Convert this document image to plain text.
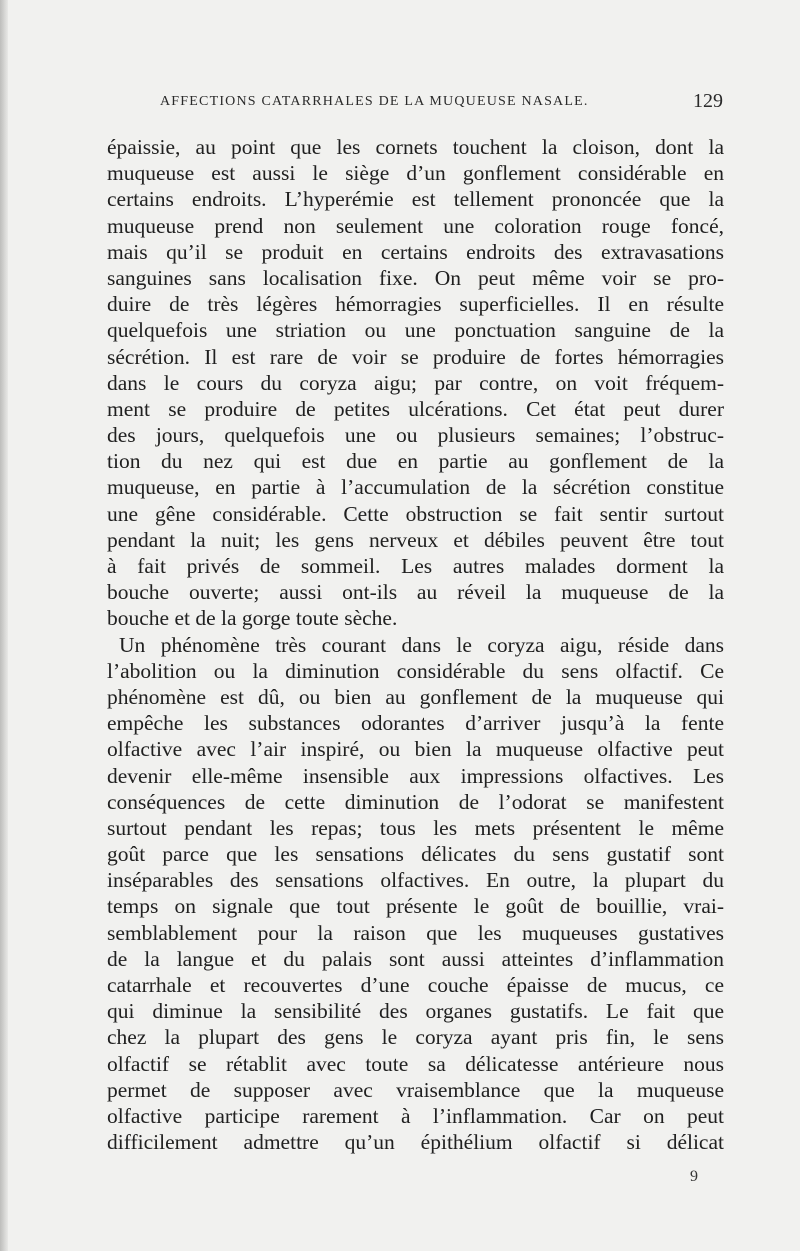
AFFECTIONS CATARRHALES DE LA MUQUEUSE NASALE.	129
épaissie, au point que les cornets touchent la cloison, dont la
muqueuse est aussi le siège d’un gonflement considérable en
certains endroits. L’hyperémie est tellement prononcée que la
muqueuse prend non seulement une coloration rouge foncé,
mais qu’il se produit en certains endroits des extravasations
sanguines sans localisation fixe. On peut même voir se pro-
duire de très légères hémorragies superficielles. Il en résulte
quelquefois une striation ou une ponctuation sanguine de la
sécrétion. Il est rare de voir se produire de fortes hémorragies
dans le cours du coryza aigu; par contre, on voit fréquem-
ment se produire de petites ulcérations. Cet état peut durer
des jours, quelquefois une ou plusieurs semaines; l’obstruc-
tion du nez qui est due en partie au gonflement de la
muqueuse, en partie à l’accumulation de la sécrétion constitue
une gêne considérable. Cette obstruction se fait sentir surtout
pendant la nuit; les gens nerveux et débiles peuvent être tout
à fait privés de sommeil. Les autres malades dorment la
bouche ouverte; aussi ont-ils au réveil la muqueuse de la
bouche et de la gorge toute sèche.
Un phénomène très courant dans le coryza aigu, réside dans
l’abolition ou la diminution considérable du sens olfactif. Ce
phénomène est dû, ou bien au gonflement de la muqueuse qui
empêche les substances odorantes d’arriver jusqu’à la fente
olfactive avec l’air inspiré, ou bien la muqueuse olfactive peut
devenir elle-même insensible aux impressions olfactives. Les
conséquences de cette diminution de l’odorat se manifestent
surtout pendant les repas; tous les mets présentent le même
goût parce que les sensations délicates du sens gustatif sont
inséparables des sensations olfactives. En outre, la plupart du
temps on signale que tout présente le goût de bouillie, vrai-
semblablement pour la raison que les muqueuses gustatives
de la langue et du palais sont aussi atteintes d’inflammation
catarrhale et recouvertes d’une couche épaisse de mucus, ce
qui diminue la sensibilité des organes gustatifs. Le fait que
chez la plupart des gens le coryza ayant pris fin, le sens
olfactif se rétablit avec toute sa délicatesse antérieure nous
permet de supposer avec vraisemblance que la muqueuse
olfactive participe rarement à l’inflammation. Car on peut
difficilement admettre qu’un épithélium olfactif si délicat
9
